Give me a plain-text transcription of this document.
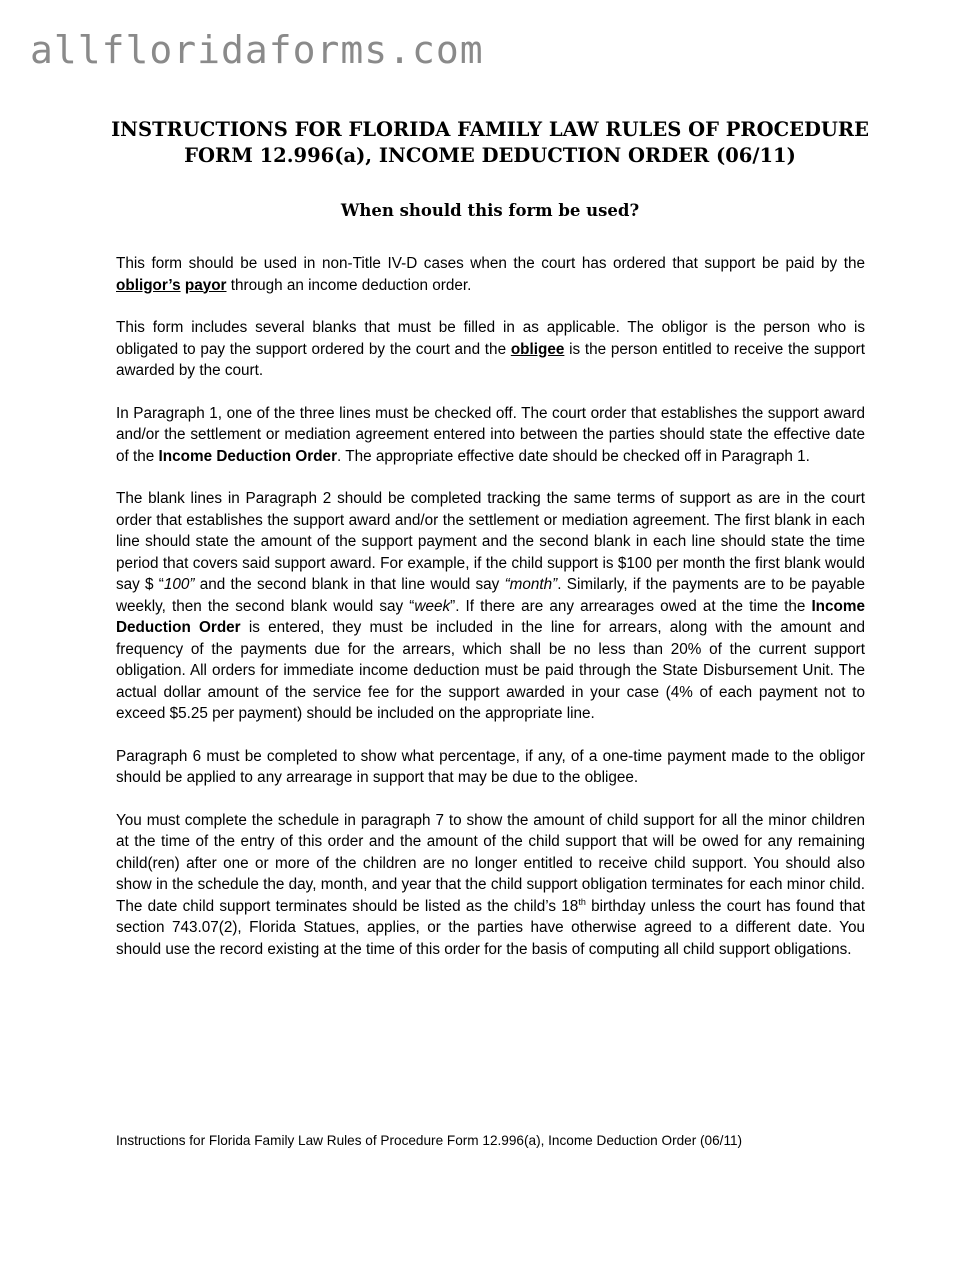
allfloridaforms.com
INSTRUCTIONS FOR FLORIDA FAMILY LAW RULES OF PROCEDURE FORM 12.996(a), INCOME DEDUCTION ORDER (06/11)
When should this form be used?

This form should be used in non-Title IV-D cases when the court has ordered that support be paid by the obligor’s payor through an income deduction order.

This form includes several blanks that must be filled in as applicable. The obligor is the person who is obligated to pay the support ordered by the court and the obligee is the person entitled to receive the support awarded by the court.

In Paragraph 1, one of the three lines must be checked off. The court order that establishes the support award and/or the settlement or mediation agreement entered into between the parties should state the effective date of the Income Deduction Order. The appropriate effective date should be checked off in Paragraph 1.

The blank lines in Paragraph 2 should be completed tracking the same terms of support as are in the court order that establishes the support award and/or the settlement or mediation agreement. The first blank in each line should state the amount of the support payment and the second blank in each line should state the time period that covers said support award. For example, if the child support is $100 per month the first blank would say $ “100” and the second blank in that line would say “month”. Similarly, if the payments are to be payable weekly, then the second blank would say “week”. If there are any arrearages owed at the time the Income Deduction Order is entered, they must be included in the line for arrears, along with the amount and frequency of the payments due for the arrears, which shall be no less than 20% of the current support obligation. All orders for immediate income deduction must be paid through the State Disbursement Unit. The actual dollar amount of the service fee for the support awarded in your case (4% of each payment not to exceed $5.25 per payment) should be included on the appropriate line.

Paragraph 6 must be completed to show what percentage, if any, of a one-time payment made to the obligor should be applied to any arrearage in support that may be due to the obligee.

You must complete the schedule in paragraph 7 to show the amount of child support for all the minor children at the time of the entry of this order and the amount of the child support that will be owed for any remaining child(ren) after one or more of the children are no longer entitled to receive child support. You should also show in the schedule the day, month, and year that the child support obligation terminates for each minor child. The date child support terminates should be listed as the child’s 18th birthday unless the court has found that section 743.07(2), Florida Statues, applies, or the parties have otherwise agreed to a different date. You should use the record existing at the time of this order for the basis of computing all child support obligations.

Instructions for Florida Family Law Rules of Procedure Form 12.996(a), Income Deduction Order (06/11)
